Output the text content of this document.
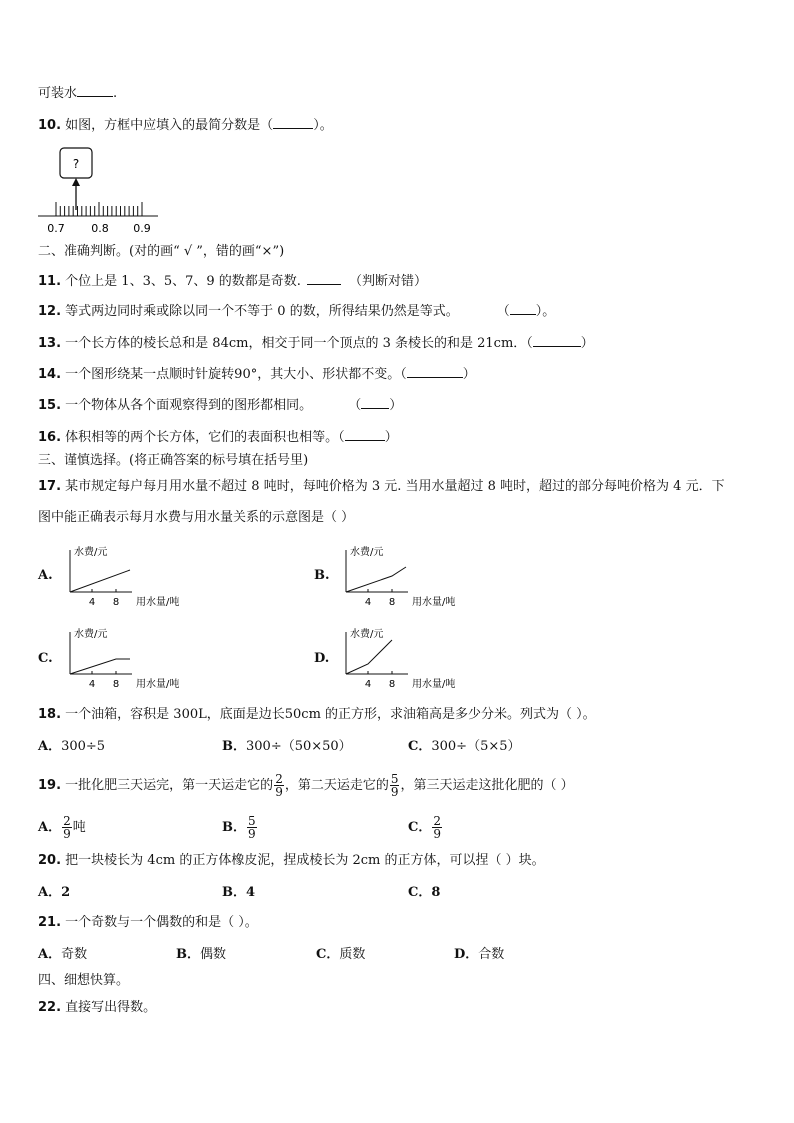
可装水	.
10. 如图，方框中应填入的最简分数是（	）。
?
0.7 0.8 0.9
二、准确判断。(对的画“ √ ”，错的画“×”)
11. 个位上是 1、3、5、7、9 的数都是奇数.	（判断对错）
12. 等式两边同时乘或除以同一个不等于 0 的数，所得结果仍然是等式。	（ ）。
13. 一个长方体的棱长总和是 84cm，相交于同一个顶点的 3 条棱长的和是 21cm．（	）
14. 一个图形绕某一点顺时针旋转90°，其大小、形状都不变。（	）
15. 一个物体从各个面观察得到的图形都相同。	（ ）
16. 体积相等的两个长方体，它们的表面积也相等。（	）
三、谨慎选择。(将正确答案的标号填在括号里)
17. 某市规定每户每月用水量不超过 8 吨时，每吨价格为 3 元. 当用水量超过 8 吨时，超过的部分每吨价格为 4 元．下
图中能正确表示每月水费与用水量关系的示意图是（ ）
A.
水费/元
用水量/吨
4 8
B.
水费/元
用水量/吨
4 8
C.
水费/元
用水量/吨
4 8
D.
水费/元
用水量/吨
4 8
18. 一个油箱，容积是 300L，底面是边长50cm 的正方形，求油箱高是多少分米。列式为（ ）。
A．300÷5	B．300÷（50×50）	C．300÷（5×5）
19. 一批化肥三天运完，第一天运走它的 $\frac{2}{9}$ ，第二天运走它的 $\frac{5}{9}$ ，第三天运走这批化肥的（ ）
A． $\frac{2}{9}$ 吨	B． $\frac{5}{9}$	C． $\frac{2}{9}$
20. 把一块棱长为 4cm 的正方体橡皮泥，捏成棱长为 2cm 的正方体，可以捏（ ）块。
A．2	B．4	C．8
21. 一个奇数与一个偶数的和是（ ）。
A．奇数	B．偶数	C．质数	D．合数
四、细想快算。
22. 直接写出得数。
